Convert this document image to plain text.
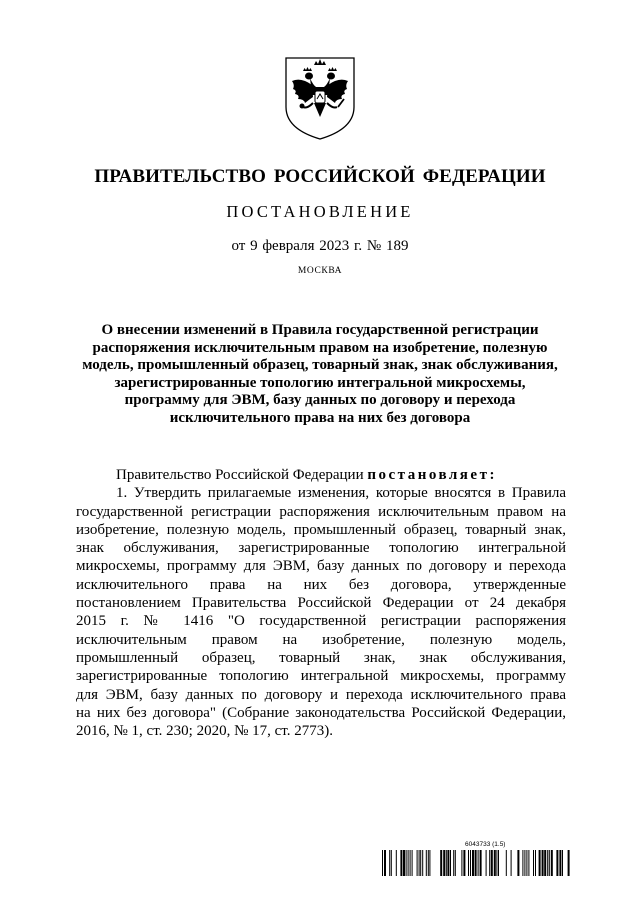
ПРАВИТЕЛЬСТВО РОССИЙСКОЙ ФЕДЕРАЦИИ
ПОСТАНОВЛЕНИЕ
от 9 февраля 2023 г. № 189
МОСКВА
О внесении изменений в Правила государственной регистрации
распоряжения исключительным правом на изобретение, полезную
модель, промышленный образец, товарный знак, знак обслуживания,
зарегистрированные топологию интегральной микросхемы,
программу для ЭВМ, базу данных по договору и перехода
исключительного права на них без договора
Правительство Российской Федерации постановляет:
1. Утвердить прилагаемые изменения, которые вносятся в Правила
государственной регистрации распоряжения исключительным правом на
изобретение, полезную модель, промышленный образец, товарный знак,
знак обслуживания, зарегистрированные топологию интегральной
микросхемы, программу для ЭВМ, базу данных по договору и перехода
исключительного права на них без договора, утвержденные
постановлением Правительства Российской Федерации от 24 декабря
2015 г. № 1416 "О государственной регистрации распоряжения
исключительным правом на изобретение, полезную модель,
промышленный образец, товарный знак, знак обслуживания,
зарегистрированные топологию интегральной микросхемы, программу
для ЭВМ, базу данных по договору и перехода исключительного права
на них без договора" (Собрание законодательства Российской Федерации,
2016, № 1, ст. 230; 2020, № 17, ст. 2773).
6043733 (1.5)
